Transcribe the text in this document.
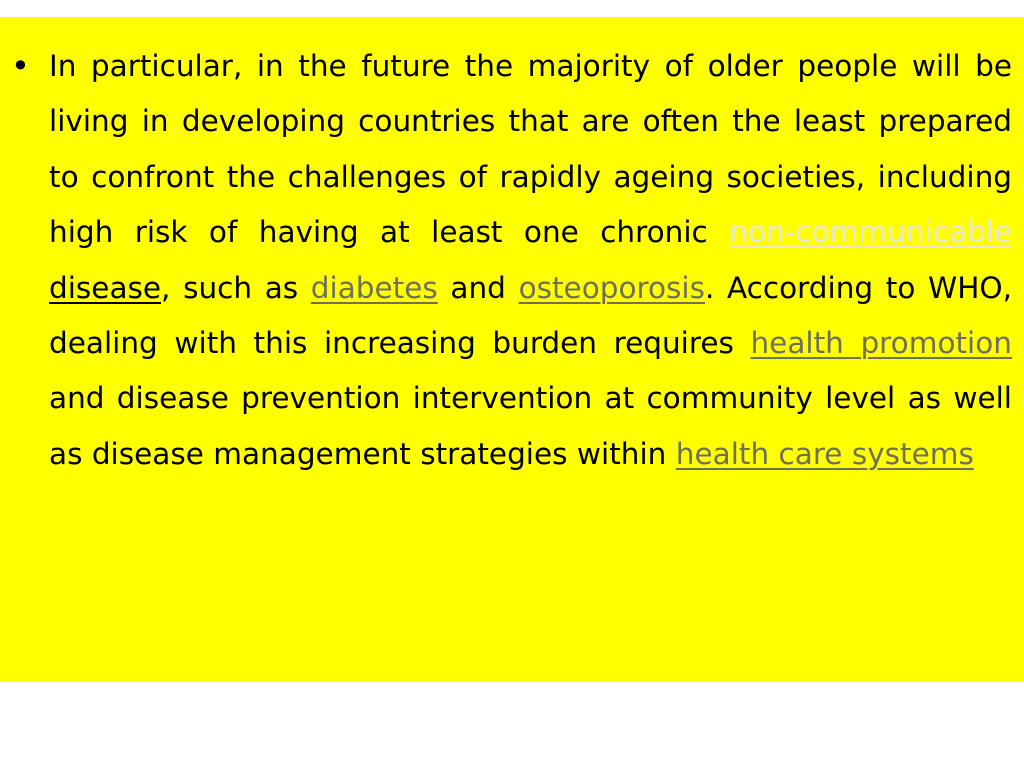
• In particular, in the future the majority of older people will be living in developing countries that are often the least prepared to confront the challenges of rapidly ageing societies, including high risk of having at least one chronic non-communicable disease, such as diabetes and osteoporosis. According to WHO, dealing with this increasing burden requires health promotion and disease prevention intervention at community level as well as disease management strategies within health care systems
